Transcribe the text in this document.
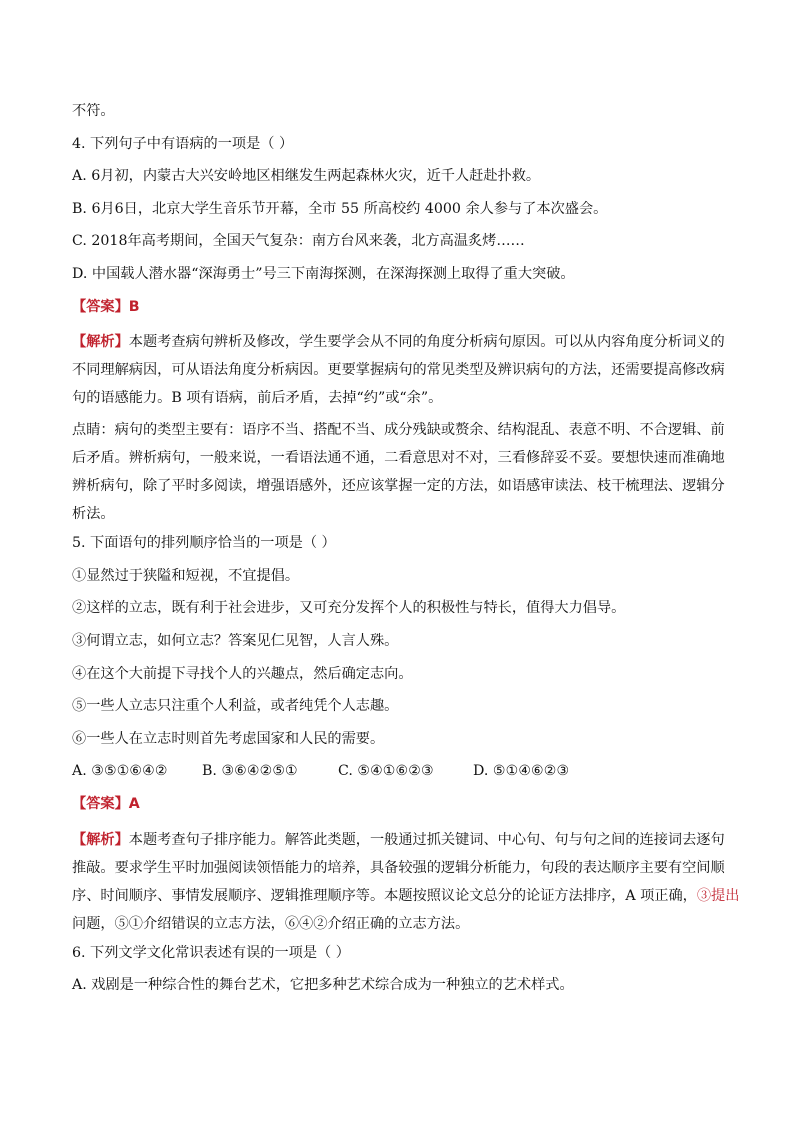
不符。
4. 下列句子中有语病的一项是（ ）
A. 6月初，内蒙古大兴安岭地区相继发生两起森林火灾，近千人赶赴扑救。
B. 6月6日，北京大学生音乐节开幕，全市 55 所高校约 4000 余人参与了本次盛会。
C. 2018年高考期间，全国天气复杂：南方台风来袭，北方高温炙烤……
D. 中国载人潜水器“深海勇士”号三下南海探测，在深海探测上取得了重大突破。
【答案】B
【解析】本题考查病句辨析及修改，学生要学会从不同的角度分析病句原因。可以从内容角度分析词义的
不同理解病因，可从语法角度分析病因。更要掌握病句的常见类型及辨识病句的方法，还需要提高修改病
句的语感能力。B 项有语病，前后矛盾，去掉“约”或“余”。
点睛：病句的类型主要有：语序不当、搭配不当、成分残缺或赘余、结构混乱、表意不明、不合逻辑、前
后矛盾。辨析病句，一般来说，一看语法通不通，二看意思对不对，三看修辞妥不妥。要想快速而准确地
辨析病句，除了平时多阅读，增强语感外，还应该掌握一定的方法，如语感审读法、枝干梳理法、逻辑分
析法。
5. 下面语句的排列顺序恰当的一项是（ ）
①显然过于狭隘和短视，不宜提倡。
②这样的立志，既有利于社会进步，又可充分发挥个人的积极性与特长，值得大力倡导。
③何谓立志，如何立志？答案见仁见智，人言人殊。
④在这个大前提下寻找个人的兴趣点，然后确定志向。
⑤一些人立志只注重个人利益，或者纯凭个人志趣。
⑥一些人在立志时则首先考虑国家和人民的需要。
A. ③⑤①⑥④② B. ③⑥④②⑤①	C. ⑤④①⑥②③	D. ⑤①④⑥②③
【答案】A
【解析】本题考查句子排序能力。解答此类题，一般通过抓关键词、中心句、句与句之间的连接词去逐句
推敲。要求学生平时加强阅读领悟能力的培养，具备较强的逻辑分析能力，句段的表达顺序主要有空间顺
序、时间顺序、事情发展顺序、逻辑推理顺序等。本题按照议论文总分的论证方法排序，A 项正确，③提出
问题，⑤①介绍错误的立志方法，⑥④②介绍正确的立志方法。
6. 下列文学文化常识表述有误的一项是（ ）
A. 戏剧是一种综合性的舞台艺术，它把多种艺术综合成为一种独立的艺术样式。
